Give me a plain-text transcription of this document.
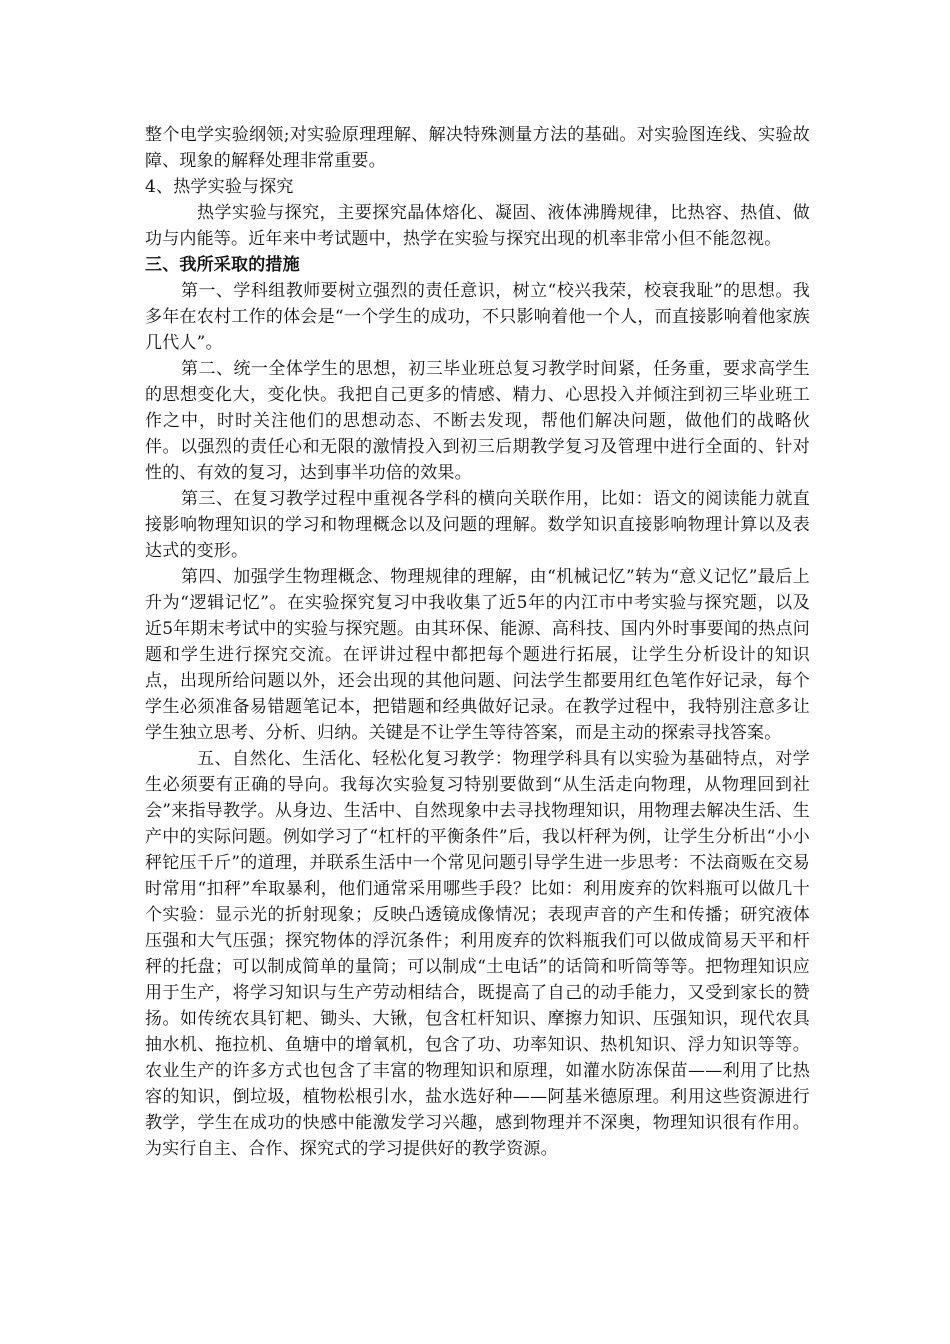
整个电学实验纲领;对实验原理理解、解决特殊测量方法的基础。对实验图连线、实验故障、现象的解释处理非常重要。

4、热学实验与探究

热学实验与探究，主要探究晶体熔化、凝固、液体沸腾规律，比热容、热值、做功与内能等。近年来中考试题中，热学在实验与探究出现的机率非常小但不能忽视。

三、我所采取的措施

第一、学科组教师要树立强烈的责任意识，树立“校兴我荣，校衰我耻”的思想。我多年在农村工作的体会是“一个学生的成功，不只影响着他一个人，而直接影响着他家族几代人”。

第二、统一全体学生的思想，初三毕业班总复习教学时间紧，任务重，要求高学生的思想变化大，变化快。我把自己更多的情感、精力、心思投入并倾注到初三毕业班工作之中，时时关注他们的思想动态、不断去发现，帮他们解决问题，做他们的战略伙伴。以强烈的责任心和无限的激情投入到初三后期教学复习及管理中进行全面的、针对性的、有效的复习，达到事半功倍的效果。

第三、在复习教学过程中重视各学科的横向关联作用，比如：语文的阅读能力就直接影响物理知识的学习和物理概念以及问题的理解。数学知识直接影响物理计算以及表达式的变形。

第四、加强学生物理概念、物理规律的理解，由“机械记忆”转为“意义记忆”最后上升为“逻辑记忆”。在实验探究复习中我收集了近5年的内江市中考实验与探究题，以及近5年期末考试中的实验与探究题。由其环保、能源、高科技、国内外时事要闻的热点问题和学生进行探究交流。在评讲过程中都把每个题进行拓展，让学生分析设计的知识点，出现所给问题以外，还会出现的其他问题、问法学生都要用红色笔作好记录，每个学生必须准备易错题笔记本，把错题和经典做好记录。在教学过程中，我特别注意多让学生独立思考、分析、归纳。关键是不让学生等待答案，而是主动的探索寻找答案。

五、自然化、生活化、轻松化复习教学：物理学科具有以实验为基础特点，对学生必须要有正确的导向。我每次实验复习特别要做到“从生活走向物理，从物理回到社会”来指导教学。从身边、生活中、自然现象中去寻找物理知识，用物理去解决生活、生产中的实际问题。例如学习了“杠杆的平衡条件”后，我以杆秤为例，让学生分析出“小小秤铊压千斤”的道理，并联系生活中一个常见问题引导学生进一步思考：不法商贩在交易时常用“扣秤”牟取暴利，他们通常采用哪些手段？比如：利用废弃的饮料瓶可以做几十个实验：显示光的折射现象；反映凸透镜成像情况；表现声音的产生和传播；研究液体压强和大气压强；探究物体的浮沉条件；利用废弃的饮料瓶我们可以做成简易天平和杆秤的托盘；可以制成简单的量筒；可以制成“土电话”的话筒和听筒等等。把物理知识应用于生产，将学习知识与生产劳动相结合，既提高了自己的动手能力，又受到家长的赞扬。如传统农具钉耙、锄头、大锹，包含杠杆知识、摩擦力知识、压强知识，现代农具抽水机、拖拉机、鱼塘中的增氧机，包含了功、功率知识、热机知识、浮力知识等等。农业生产的许多方式也包含了丰富的物理知识和原理，如灌水防冻保苗——利用了比热容的知识，倒垃圾，植物松根引水，盐水选好种——阿基米德原理。利用这些资源进行教学，学生在成功的快感中能激发学习兴趣，感到物理并不深奥，物理知识很有作用。为实行自主、合作、探究式的学习提供好的教学资源。
